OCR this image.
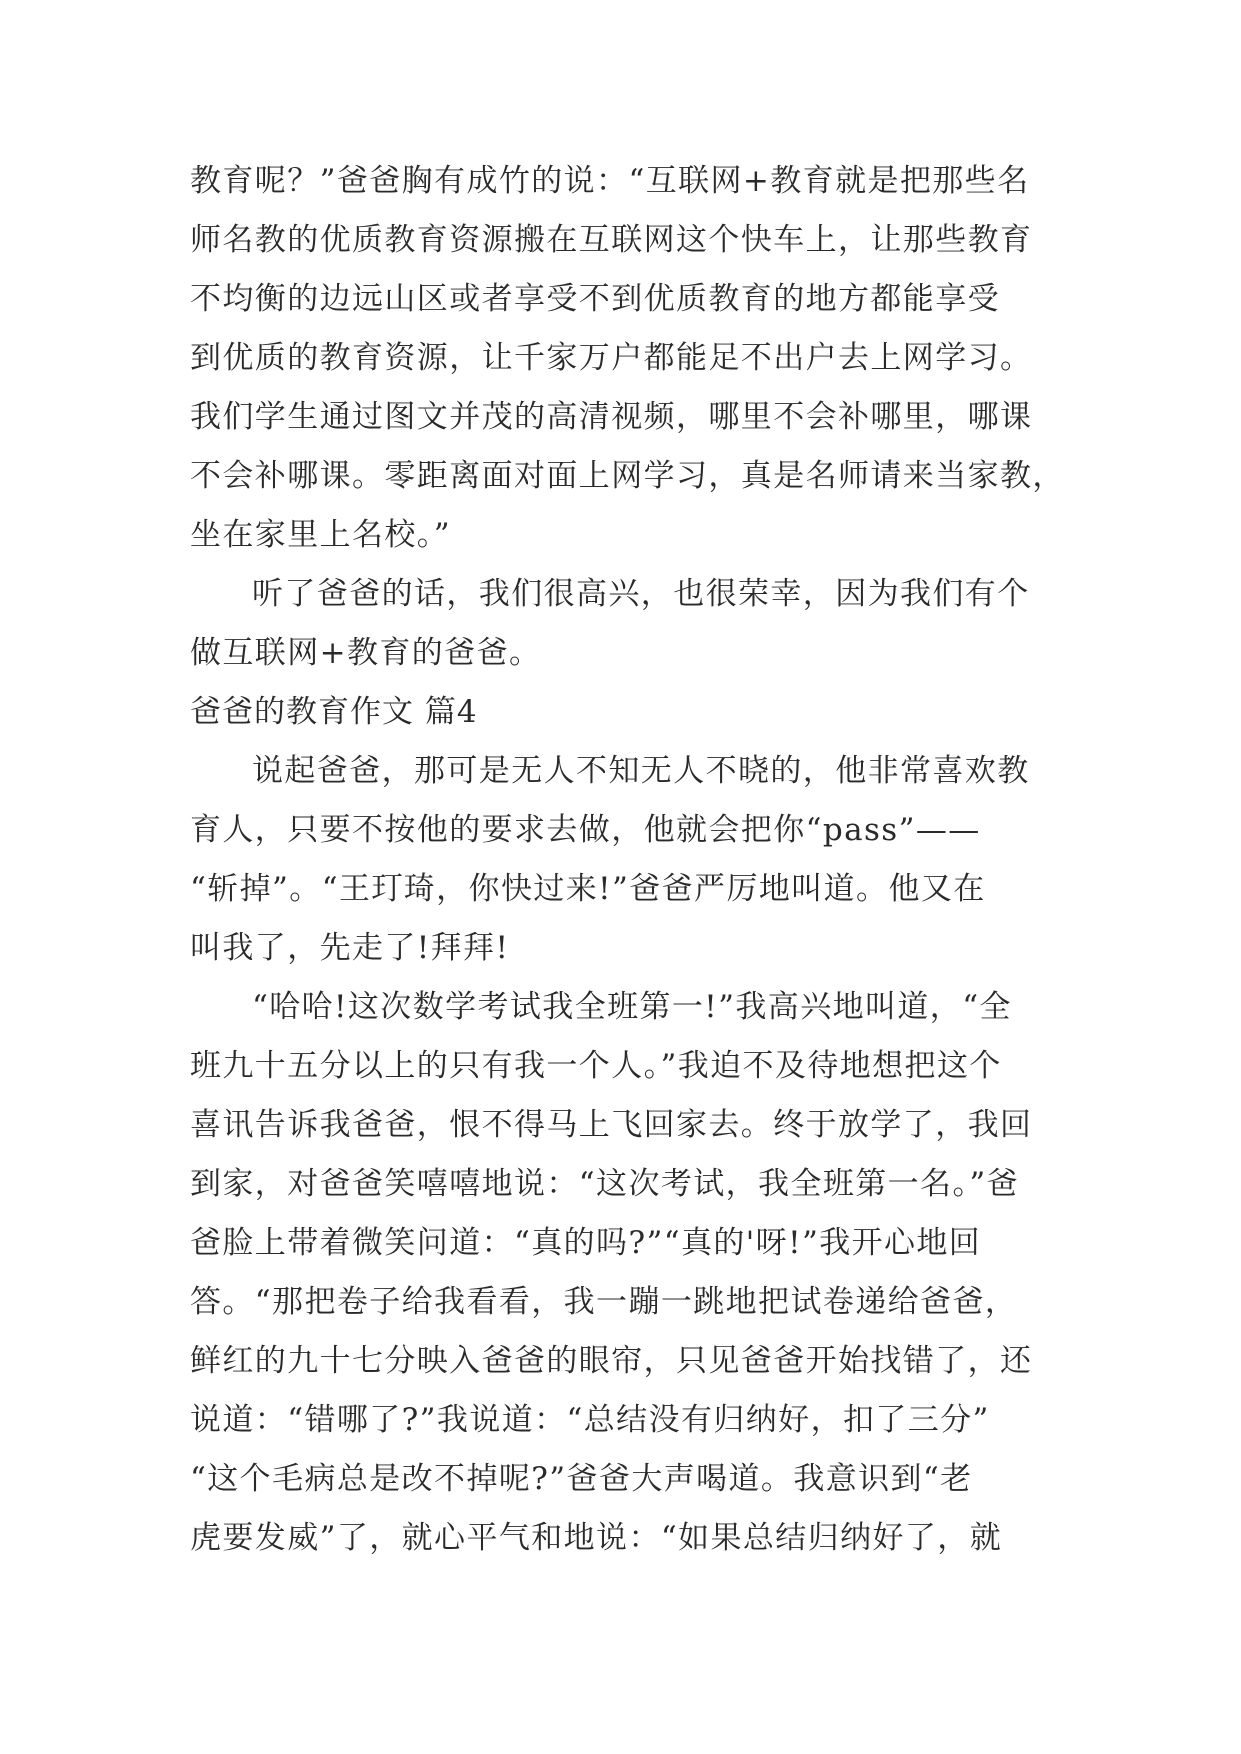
教育呢？”爸爸胸有成竹的说：“互联网+教育就是把那些名
师名教的优质教育资源搬在互联网这个快车上，让那些教育
不均衡的边远山区或者享受不到优质教育的地方都能享受
到优质的教育资源，让千家万户都能足不出户去上网学习。
我们学生通过图文并茂的高清视频，哪里不会补哪里，哪课
不会补哪课。零距离面对面上网学习，真是名师请来当家教，
坐在家里上名校。”
听了爸爸的话，我们很高兴，也很荣幸，因为我们有个
做互联网+教育的爸爸。
爸爸的教育作文 篇4
说起爸爸，那可是无人不知无人不晓的，他非常喜欢教
育人，只要不按他的要求去做，他就会把你“pass”——
“斩掉”。“王玎琦，你快过来!”爸爸严厉地叫道。他又在
叫我了，先走了!拜拜!
“哈哈!这次数学考试我全班第一!”我高兴地叫道，“全
班九十五分以上的只有我一个人。”我迫不及待地想把这个
喜讯告诉我爸爸，恨不得马上飞回家去。终于放学了，我回
到家，对爸爸笑嘻嘻地说：“这次考试，我全班第一名。”爸
爸脸上带着微笑问道：“真的吗?”“真的'呀!”我开心地回
答。“那把卷子给我看看，我一蹦一跳地把试卷递给爸爸，
鲜红的九十七分映入爸爸的眼帘，只见爸爸开始找错了，还
说道：“错哪了?”我说道：“总结没有归纳好，扣了三分”
“这个毛病总是改不掉呢?”爸爸大声喝道。我意识到“老
虎要发威”了，就心平气和地说：“如果总结归纳好了，就
